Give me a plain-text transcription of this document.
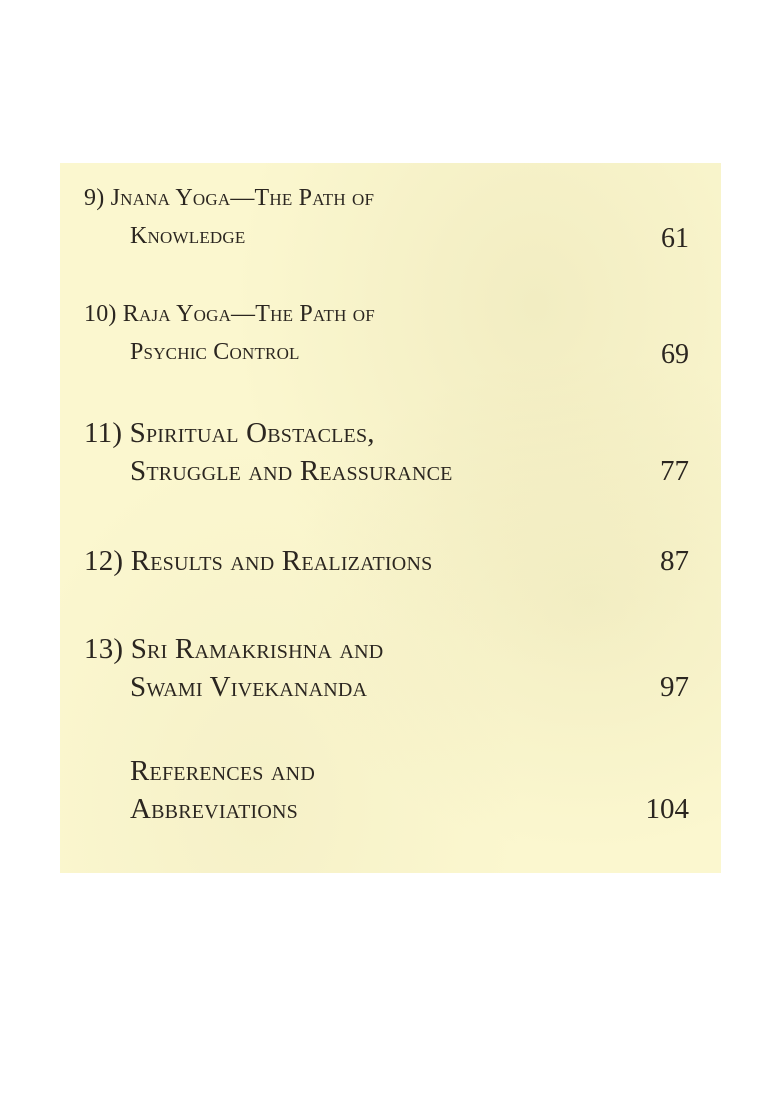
9) Jnana Yoga—The Path of
Knowledge	61
10) Raja Yoga—The Path of
Psychic Control	69
11) Spiritual Obstacles,
Struggle and Reassurance	77
12) Results and Realizations	87
13) Sri Ramakrishna and
Swami Vivekananda	97
References and
Abbreviations	104
